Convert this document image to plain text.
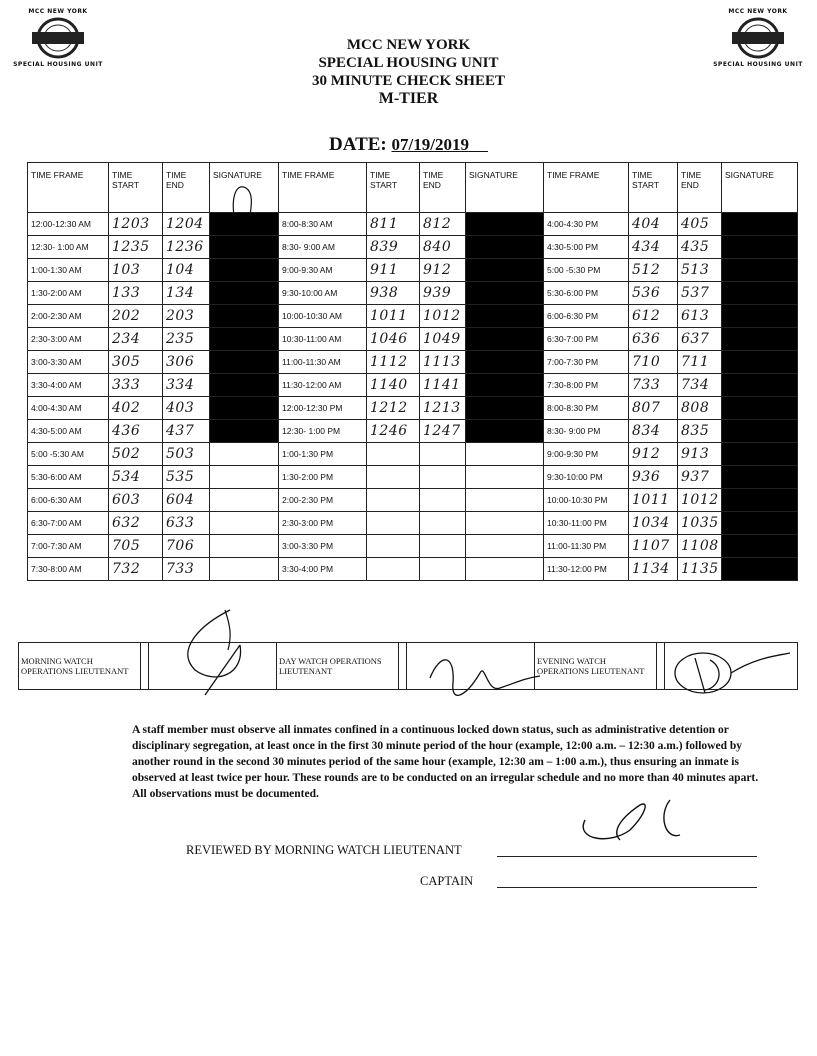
MCC NEW YORK
SPECIAL HOUSING UNIT
MCC NEW YORK
SPECIAL HOUSING UNIT
MCC NEW YORK
SPECIAL HOUSING UNIT
30 MINUTE CHECK SHEET
M-TIER
DATE: 07/19/2019
TIME FRAME	TIME START	TIME END	SIGNATURE	TIME FRAME	TIME START	TIME END	SIGNATURE	TIME FRAME	TIME START	TIME END	SIGNATURE
12:00-12:30 AM	1203	1204		8:00-8:30 AM	811	812		4:00-4:30 PM	404	405	
12:30- 1:00 AM	1235	1236		8:30- 9:00 AM	839	840		4:30-5:00 PM	434	435	
1:00-1:30 AM	103	104		9:00-9:30 AM	911	912		5:00 -5:30 PM	512	513	
1:30-2:00 AM	133	134		9:30-10:00 AM	938	939		5:30-6:00 PM	536	537	
2:00-2:30 AM	202	203		10:00-10:30 AM	1011	1012		6:00-6:30 PM	612	613	
2:30-3:00 AM	234	235		10:30-11:00 AM	1046	1049		6:30-7:00 PM	636	637	
3:00-3:30 AM	305	306		11:00-11:30 AM	1112	1113		7:00-7:30 PM	710	711	
3:30-4:00 AM	333	334		11:30-12:00 AM	1140	1141		7:30-8:00 PM	733	734	
4:00-4:30 AM	402	403		12:00-12:30 PM	1212	1213		8:00-8:30 PM	807	808	
4:30-5:00 AM	436	437		12:30- 1:00 PM	1246	1247		8:30- 9:00 PM	834	835	
5:00 -5:30 AM	502	503		1:00-1:30 PM				9:00-9:30 PM	912	913	
5:30-6:00 AM	534	535		1:30-2:00 PM				9:30-10:00 PM	936	937	
6:00-6:30 AM	603	604		2:00-2:30 PM				10:00-10:30 PM	1011	1012	
6:30-7:00 AM	632	633		2:30-3:00 PM				10:30-11:00 PM	1034	1035	
7:00-7:30 AM	705	706		3:00-3:30 PM				11:00-11:30 PM	1107	1108	
7:30-8:00 AM	732	733		3:30-4:00 PM				11:30-12:00 PM	1134	1135	
MORNING WATCH OPERATIONS LIEUTENANT			DAY WATCH OPERATIONS LIEUTENANT			EVENING WATCH OPERATIONS LIEUTENANT		
A staff member must observe all inmates confined in a continuous locked down status, such as administrative detention or disciplinary segregation, at least once in the first 30 minute period of the hour (example, 12:00 a.m. – 12:30 a.m.) followed by another round in the second 30 minutes period of the same hour (example, 12:30 am – 1:00 a.m.), thus ensuring an inmate is observed at least twice per hour. These rounds are to be conducted on an irregular schedule and no more than 40 minutes apart. All observations must be documented.
REVIEWED BY MORNING WATCH LIEUTENANT
CAPTAIN
